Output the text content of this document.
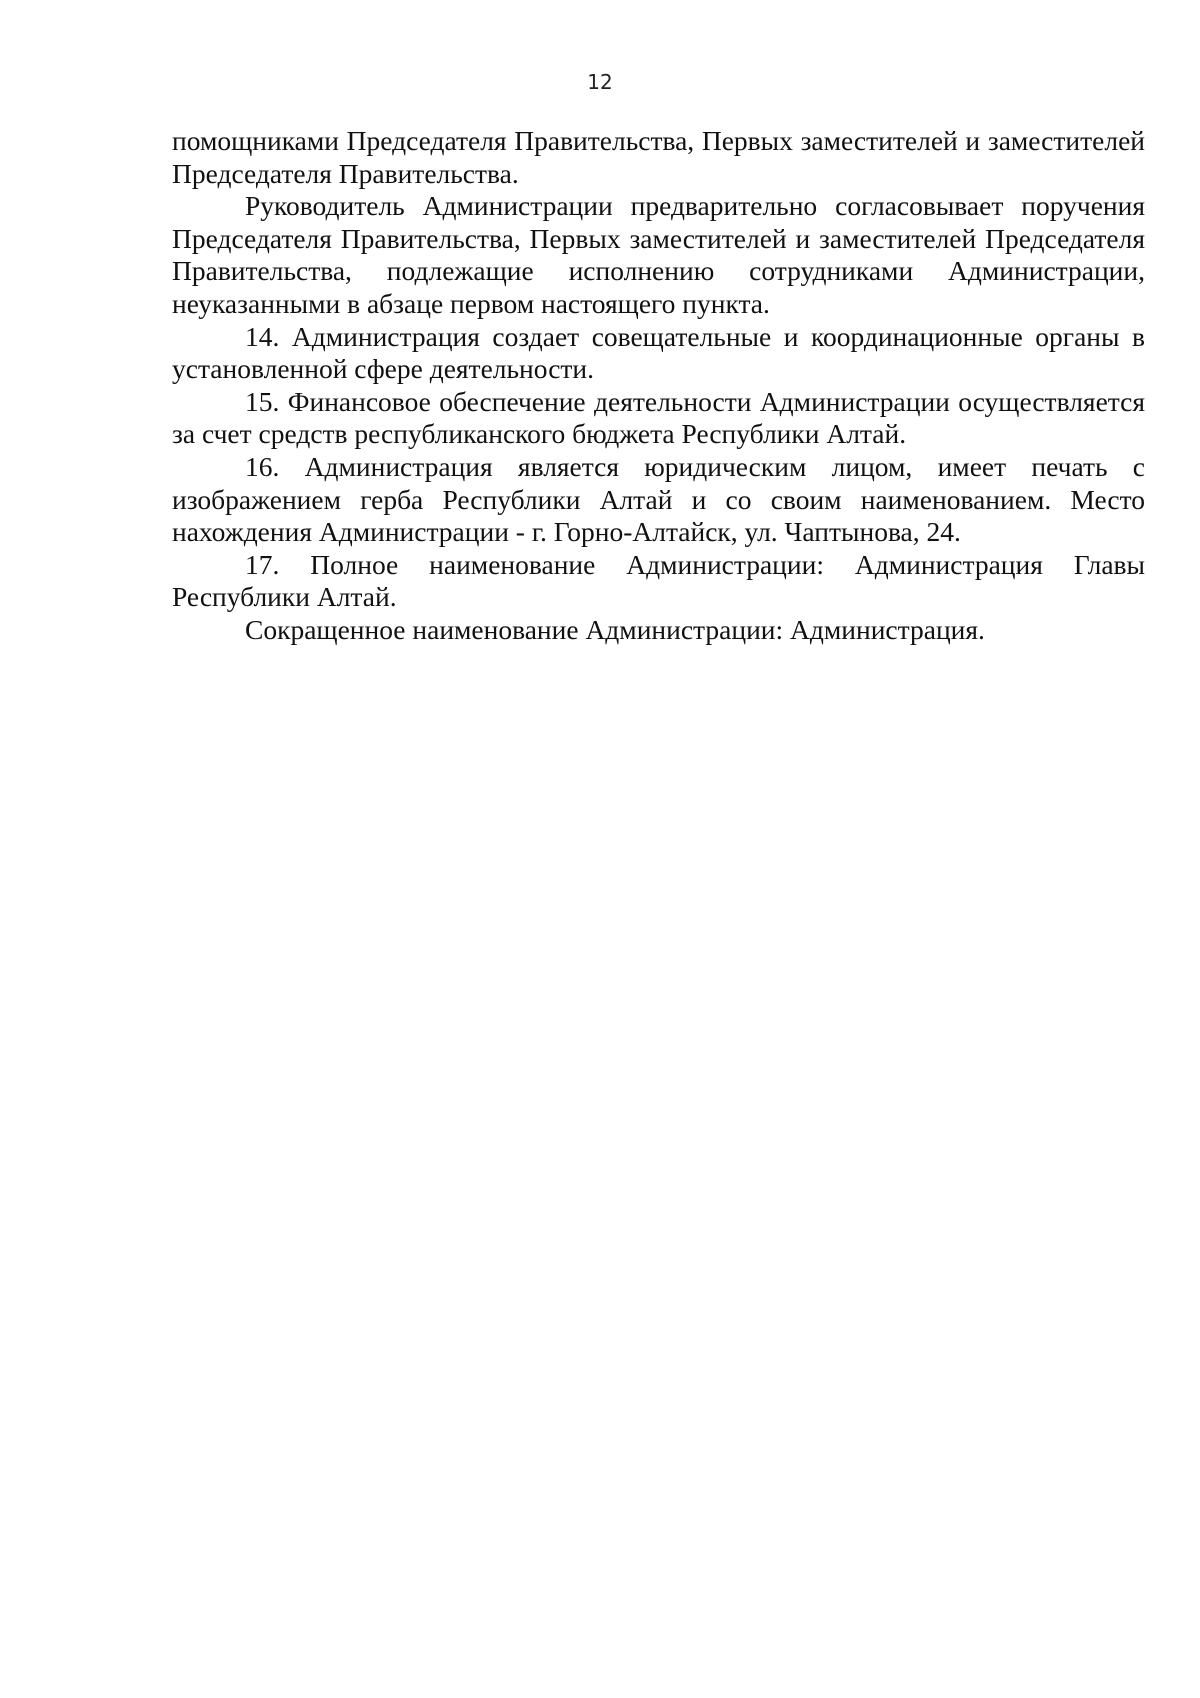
12

помощниками Председателя Правительства, Первых заместителей и заместителей Председателя Правительства.

Руководитель Администрации предварительно согласовывает поручения Председателя Правительства, Первых заместителей и заместителей Председателя Правительства, подлежащие исполнению сотрудниками Администрации, неуказанными в абзаце первом настоящего пункта.

14. Администрация создает совещательные и координационные органы в установленной сфере деятельности.

15. Финансовое обеспечение деятельности Администрации осуществляется за счет средств республиканского бюджета Республики Алтай.

16. Администрация является юридическим лицом, имеет печать с изображением герба Республики Алтай и со своим наименованием. Место нахождения Администрации - г. Горно-Алтайск, ул. Чаптынова, 24.

17. Полное наименование Администрации: Администрация Главы Республики Алтай.

Сокращенное наименование Администрации: Администрация.
